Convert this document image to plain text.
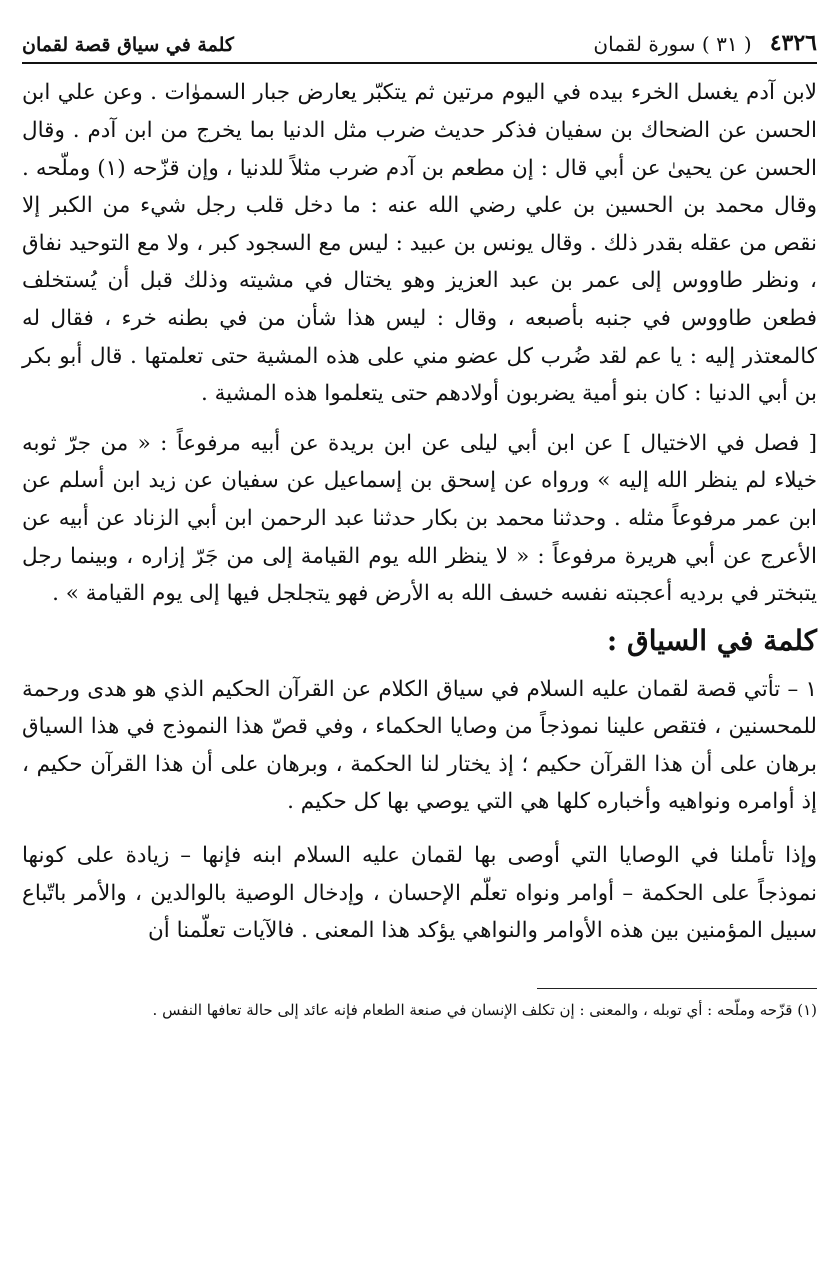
٤٣٢٦
( ٣١ ) سورة لقمان
كلمة في سياق قصة لقمان

لابن آدم يغسل الخرء بيده في اليوم مرتين ثم يتكبّر يعارض جبار السموٰات . وعن علي ابن الحسن عن الضحاك بن سفيان فذكر حديث ضرب مثل الدنيا بما يخرج من ابن آدم . وقال الحسن عن يحيىٰ عن أبي قال : إن مطعم بن آدم ضرب مثلاً للدنيا ، وإن قزّحه (١) وملّحه . وقال محمد بن الحسين بن علي رضي الله عنه : ما دخل قلب رجل شيء من الكبر إلا نقص من عقله بقدر ذلك . وقال يونس بن عبيد : ليس مع السجود كبر ، ولا مع التوحيد نفاق ، ونظر طاووس إلى عمر بن عبد العزيز وهو يختال في مشيته وذلك قبل أن يُستخلف فطعن طاووس في جنبه بأصبعه ، وقال : ليس هذا شأن من في بطنه خرء ، فقال له كالمعتذر إليه : يا عم لقد ضُرب كل عضو مني على هذه المشية حتى تعلمتها . قال أبو بكر بن أبي الدنيا : كان بنو أمية يضربون أولادهم حتى يتعلموا هذه المشية .

[ فصل في الاختيال ] عن ابن أبي ليلى عن ابن بريدة عن أبيه مرفوعاً : « من جرّ ثوبه خيلاء لم ينظر الله إليه » ورواه عن إسحق بن إسماعيل عن سفيان عن زيد ابن أسلم عن ابن عمر مرفوعاً مثله . وحدثنا محمد بن بكار حدثنا عبد الرحمن ابن أبي الزناد عن أبيه عن الأعرج عن أبي هريرة مرفوعاً : « لا ينظر الله يوم القيامة إلى من جَرّ إزاره ، وبينما رجل يتبختر في برديه أعجبته نفسه خسف الله به الأرض فهو يتجلجل فيها إلى يوم القيامة » .

كلمة في السياق :

١ – تأتي قصة لقمان عليه السلام في سياق الكلام عن القرآن الحكيم الذي هو هدى ورحمة للمحسنين ، فتقص علينا نموذجاً من وصايا الحكماء ، وفي قصّ هذا النموذج في هذا السياق برهان على أن هذا القرآن حكيم ؛ إذ يختار لنا الحكمة ، وبرهان على أن هذا القرآن حكيم ، إذ أوامره ونواهيه وأخباره كلها هي التي يوصي بها كل حكيم .

وإذا تأملنا في الوصايا التي أوصى بها لقمان عليه السلام ابنه فإنها – زيادة على كونها نموذجاً على الحكمة – أوامر ونواه تعلّم الإحسان ، وإدخال الوصية بالوالدين ، والأمر باتّباع سبيل المؤمنين بين هذه الأوامر والنواهي يؤكد هذا المعنى . فالآيات تعلّمنا أن

(١) قزّحه وملّحه : أي توبله ، والمعنى : إن تكلف الإنسان في صنعة الطعام فإنه عائد إلى حالة تعافها النفس .
